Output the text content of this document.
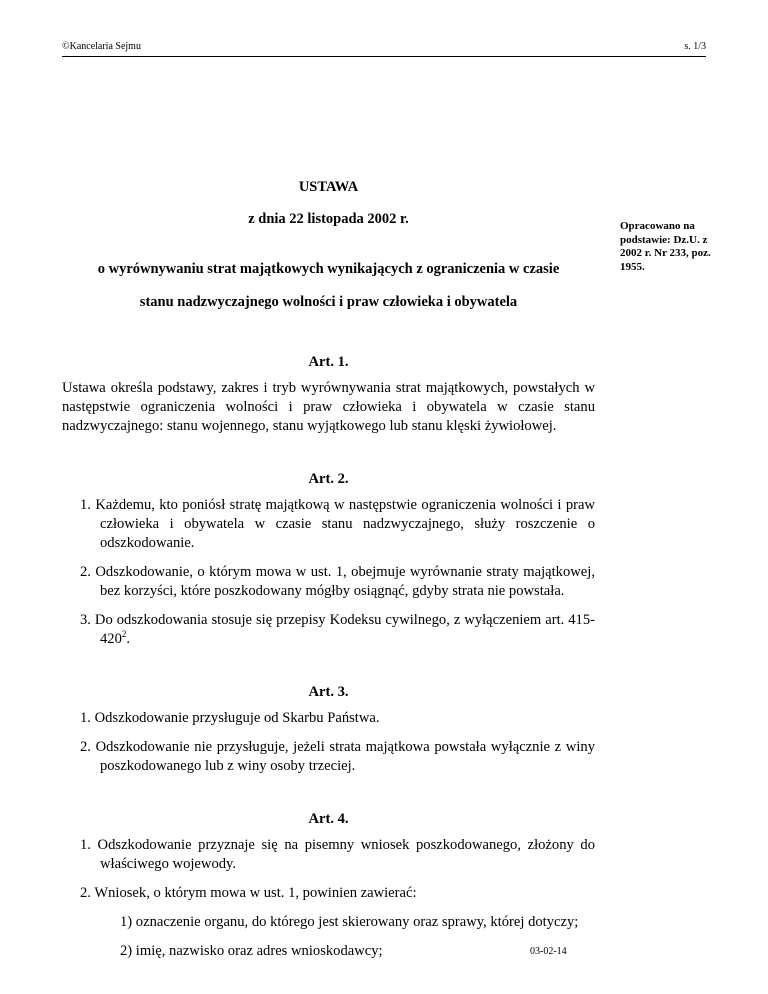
©Kancelaria Sejmu	s. 1/3
Opracowano na podstawie: Dz.U. z 2002 r. Nr 233, poz. 1955.
USTAWA
z dnia 22 listopada 2002 r.
o wyrównywaniu strat majątkowych wynikających z ograniczenia w czasie
stanu nadzwyczajnego wolności i praw człowieka i obywatela
Art. 1.
Ustawa określa podstawy, zakres i tryb wyrównywania strat majątkowych, powstałych w następstwie ograniczenia wolności i praw człowieka i obywatela w czasie stanu nadzwyczajnego: stanu wojennego, stanu wyjątkowego lub stanu klęski żywiołowej.
Art. 2.
1. Każdemu, kto poniósł stratę majątkową w następstwie ograniczenia wolności i praw człowieka i obywatela w czasie stanu nadzwyczajnego, służy roszczenie o odszkodowanie.
2. Odszkodowanie, o którym mowa w ust. 1, obejmuje wyrównanie straty majątkowej, bez korzyści, które poszkodowany mógłby osiągnąć, gdyby strata nie powstała.
3. Do odszkodowania stosuje się przepisy Kodeksu cywilnego, z wyłączeniem art. $415-420^2$.
Art. 3.
1. Odszkodowanie przysługuje od Skarbu Państwa.
2. Odszkodowanie nie przysługuje, jeżeli strata majątkowa powstała wyłącznie z winy poszkodowanego lub z winy osoby trzeciej.
Art. 4.
1. Odszkodowanie przyznaje się na pisemny wniosek poszkodowanego, złożony do właściwego wojewody.
2. Wniosek, o którym mowa w ust. 1, powinien zawierać:
1) oznaczenie organu, do którego jest skierowany oraz sprawy, której dotyczy;
2) imię, nazwisko oraz adres wnioskodawcy;	03-02-14
